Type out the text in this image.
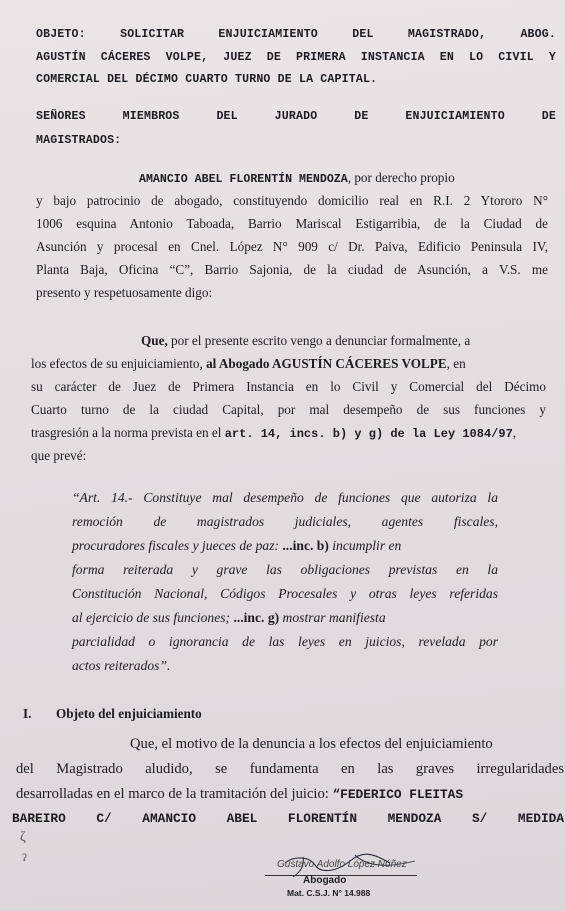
OBJETO: SOLICITAR ENJUICIAMIENTO DEL MAGISTRADO, ABOG.
AGUSTÍN CÁCERES VOLPE, JUEZ DE PRIMERA INSTANCIA EN LO CIVIL Y
COMERCIAL DEL DÉCIMO CUARTO TURNO DE LA CAPITAL.
SEÑORES MIEMBROS DEL JURADO DE ENJUICIAMIENTO DE
MAGISTRADOS:
AMANCIO ABEL FLORENTÍN MENDOZA, por derecho propio
y bajo patrocinio de abogado, constituyendo domicilio real en R.I. 2 Ytororo N°
1006 esquina Antonio Taboada, Barrio Mariscal Estigarribia, de la Ciudad de
Asunción y procesal en Cnel. López N° 909 c/ Dr. Paiva, Edificio Peninsula IV,
Planta Baja, Oficina “C”, Barrio Sajonia, de la ciudad de Asunción, a V.S. me
presento y respetuosamente digo:
Que, por el presente escrito vengo a denunciar formalmente, a
los efectos de su enjuiciamiento, al Abogado AGUSTÍN CÁCERES VOLPE, en
su carácter de Juez de Primera Instancia en lo Civil y Comercial del Décimo
Cuarto turno de la ciudad Capital, por mal desempeño de sus funciones y
trasgresión a la norma prevista en el art. 14, incs. b) y g) de la Ley 1084/97,
que prevé:
“Art. 14.- Constituye mal desempeño de funciones que autoriza la
remoción de magistrados judiciales, agentes fiscales,
procuradores fiscales y jueces de paz: ...inc. b) incumplir en
forma reiterada y grave las obligaciones previstas en la
Constitución Nacional, Códigos Procesales y otras leyes referidas
al ejercicio de sus funciones; ...inc. g) mostrar manifiesta
parcialidad o ignorancia de las leyes en juicios, revelada por
actos reiterados”.
I. Objeto del enjuiciamiento
Que, el motivo de la denuncia a los efectos del enjuiciamiento
del Magistrado aludido, se fundamenta en las graves irregularidades
desarrolladas en el marco de la tramitación del juicio: “FEDERICO FLEITAS
BAREIRO C/ AMANCIO ABEL FLORENTÍN MENDOZA S/ MEDIDA
ζ
ʔ
Gustavo Adolfo López Núñez
Abogado
Mat. C.S.J. N° 14.988
